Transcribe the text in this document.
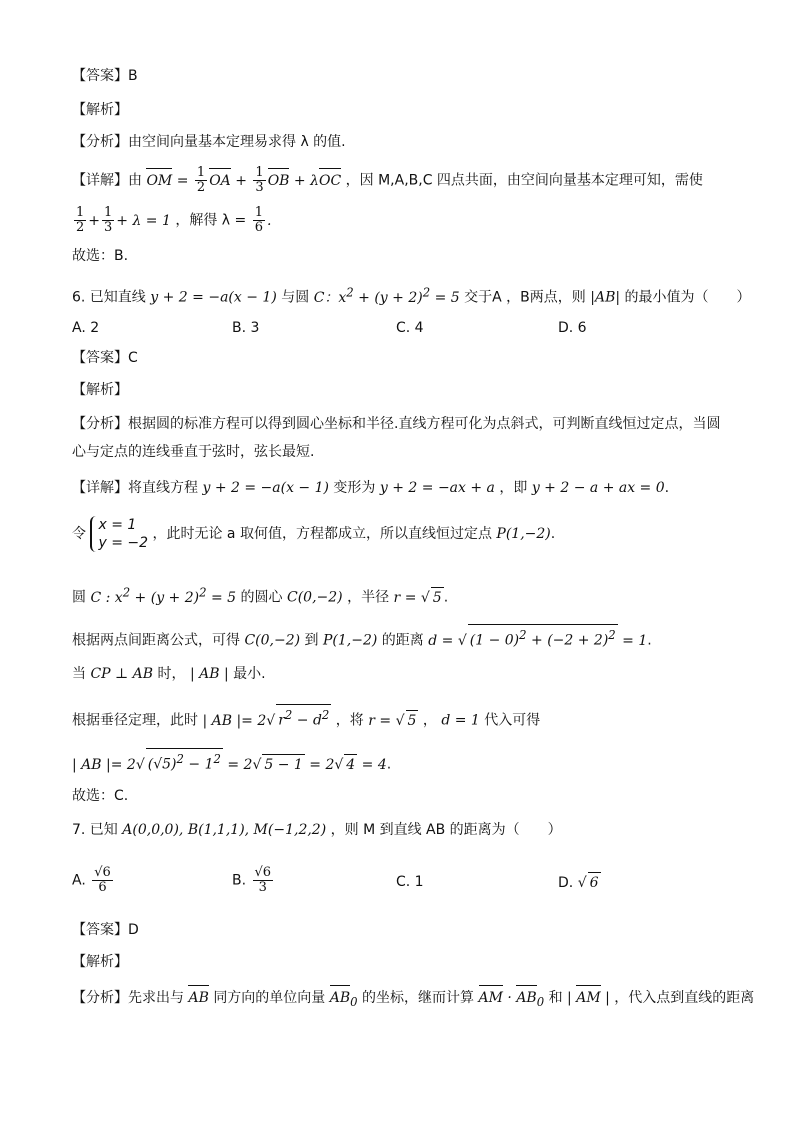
【答案】B
【解析】
【分析】由空间向量基本定理易求得 λ 的值.
【详解】由 OM = $\frac{1}{2}$ OA + $\frac{1}{3}$ OB + λOC ，因 M,A,B,C 四点共面，由空间向量基本定理可知，需使
$\frac{1}{2} + \frac{1}{3} + \lambda = 1$ ，解得 $\lambda = \frac{1}{6}$ .
故选：B.
6. 已知直线 y + 2 = −a(x − 1) 与圆 C：$x^2 + (y + 2)^2 = 5$ 交于A ，B两点，则 |AB| 的最小值为（　　）
A. 2	B. 3	C. 4	D. 6
【答案】C
【解析】
【分析】根据圆的标准方程可以得到圆心坐标和半径.直线方程可化为点斜式，可判断直线恒过定点，当圆
心与定点的连线垂直于弦时，弦长最短.
【详解】将直线方程 y + 2 = −a(x − 1) 变形为 y + 2 = −ax + a ，即 y + 2 − a + ax = 0.
令
x = 1
y = −2
，此时无论 a 取何值，方程都成立，所以直线恒过定点 P(1,−2).
圆 C : $x^2 + (y + 2)^2 = 5$ 的圆心 C(0,−2) ，半径 r = √ 5 .
根据两点间距离公式，可得 C(0,−2) 到 P(1,−2) 的距离 d = √ $(1 - 0)^2 + (-2 + 2)^2 = 1$.
当 CP ⊥ AB 时， | AB | 最小.
根据垂径定理，此时 | AB |= 2√ $r^2 - d^2$ ，将 r = √ 5 ， d = 1 代入可得
| AB |= 2√ $(√5)^2 - 1^2 = 2√$ 5 − 1 = 2√ 4 = 4.
故选：C.
7. 已知 A(0,0,0), B(1,1,1), M(−1,2,2) ，则 M 到直线 AB 的距离为（　　）
A. $\frac{√6}{6}$	B. $\frac{√6}{3}$	C. 1	D. √ 6
【答案】D
【解析】
【分析】先求出与 AB 同方向的单位向量 $AB_0$ 的坐标，继而计算 AM · $AB_0$ 和 | AM | ，代入点到直线的距离
